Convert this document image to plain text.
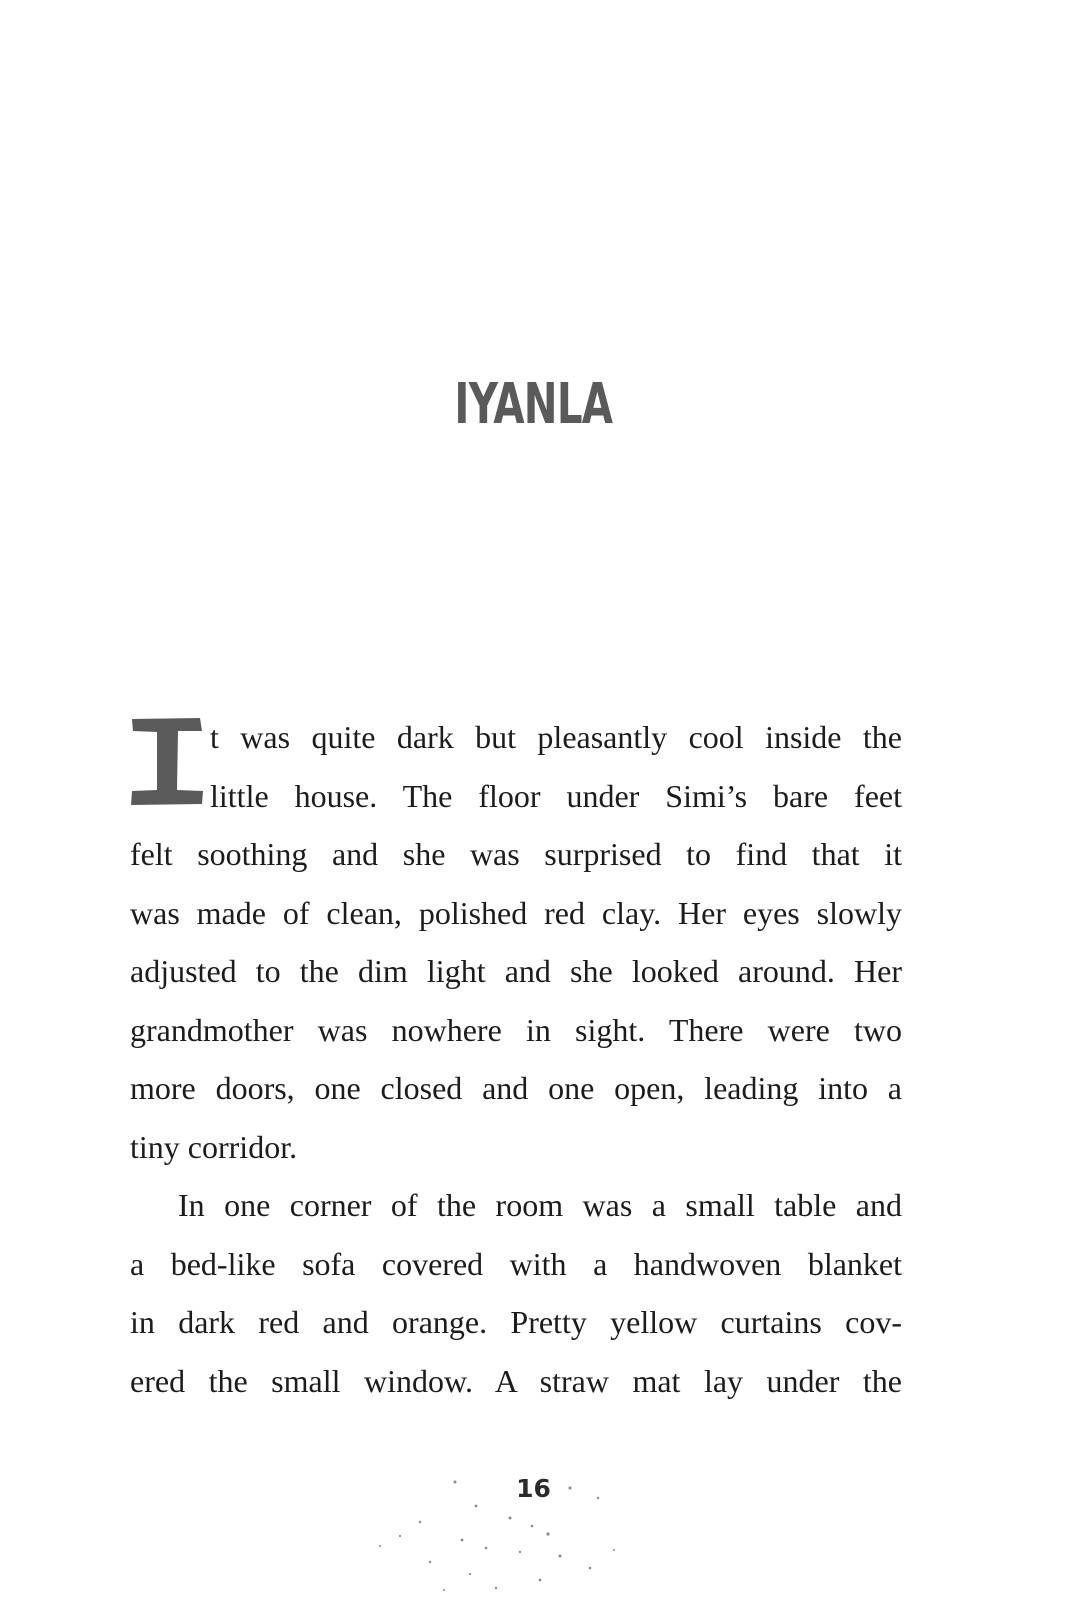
IYANLA
t was quite dark but pleasantly cool inside the
little house. The floor under Simi’s bare feet
felt soothing and she was surprised to find that it
was made of clean, polished red clay. Her eyes slowly
adjusted to the dim light and she looked around. Her
grandmother was nowhere in sight. There were two
more doors, one closed and one open, leading into a
tiny corridor.
In one corner of the room was a small table and
a bed-like sofa covered with a handwoven blanket
in dark red and orange. Pretty yellow curtains cov-
ered the small window. A straw mat lay under the
16
